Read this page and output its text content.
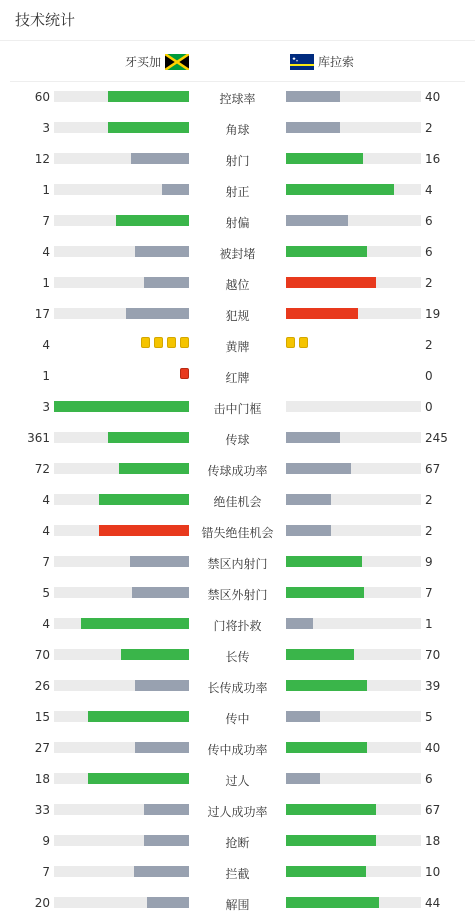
技术统计
牙买加	库拉索
60	控球率	40
3	角球	2
12	射门	16
1	射正	4
7	射偏	6
4	被封堵	6
1	越位	2
17	犯规	19
4	黄牌	2
1	红牌	0
3	击中门框	0
361	传球	245
72	传球成功率	67
4	绝佳机会	2
4	错失绝佳机会	2
7	禁区内射门	9
5	禁区外射门	7
4	门将扑救	1
70	长传	70
26	长传成功率	39
15	传中	5
27	传中成功率	40
18	过人	6
33	过人成功率	67
9	抢断	18
7	拦截	10
20	解围	44
